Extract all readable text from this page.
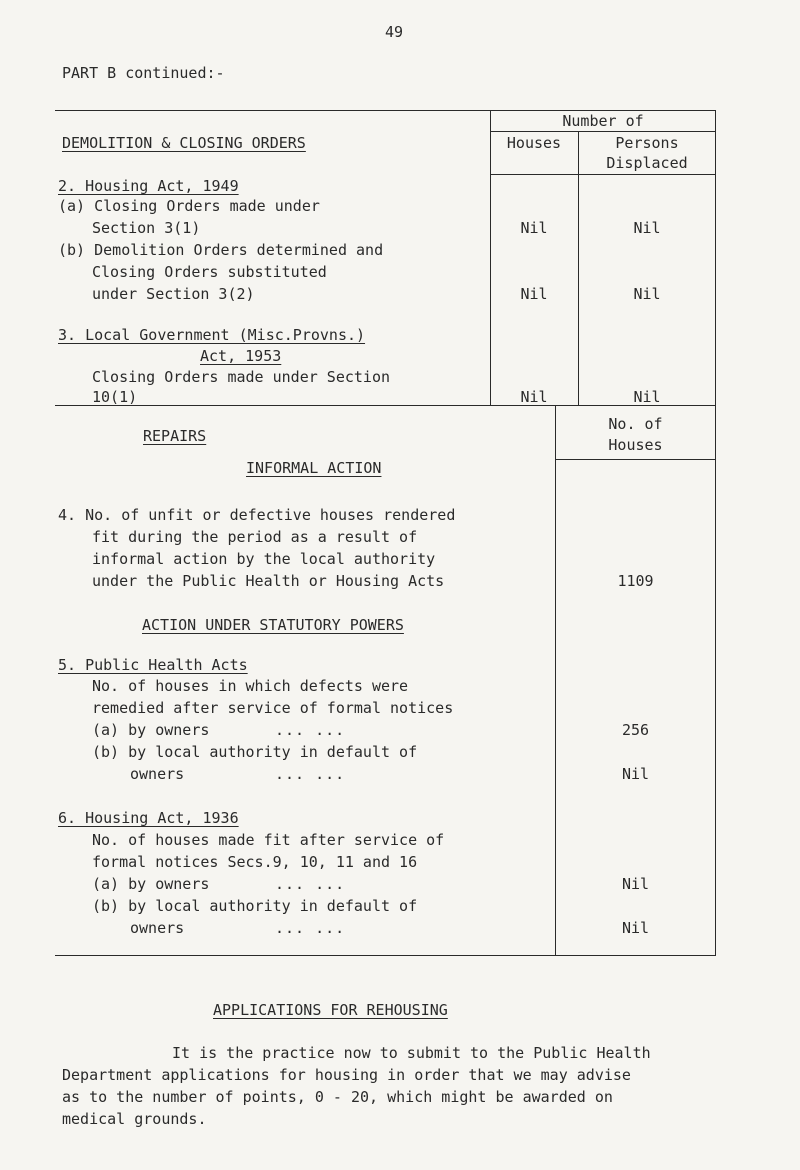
49
PART B continued:-
DEMOLITION & CLOSING ORDERS
Number of
Houses	Persons
Displaced
2. Housing Act, 1949
(a) Closing Orders made under
Section 3(1)	Nil	Nil
(b) Demolition Orders determined and
Closing Orders substituted
under Section 3(2)	Nil	Nil
3. Local Government (Misc.Provns.)
Act, 1953
Closing Orders made under Section
10(1)	Nil	Nil
REPAIRS
No. of
Houses
INFORMAL ACTION
4. No. of unfit or defective houses rendered
fit during the period as a result of
informal action by the local authority
under the Public Health or Housing Acts	1109
ACTION UNDER STATUTORY POWERS
5. Public Health Acts
No. of houses in which defects were
remedied after service of formal notices
(a) by owners	... ...	256
(b) by local authority in default of
owners	... ...	Nil
6. Housing Act, 1936
No. of houses made fit after service of
formal notices Secs.9, 10, 11 and 16
(a) by owners	... ...	Nil
(b) by local authority in default of
owners	... ...	Nil
APPLICATIONS FOR REHOUSING
It is the practice now to submit to the Public Health
Department applications for housing in order that we may advise
as to the number of points, 0 - 20, which might be awarded on
medical grounds.
